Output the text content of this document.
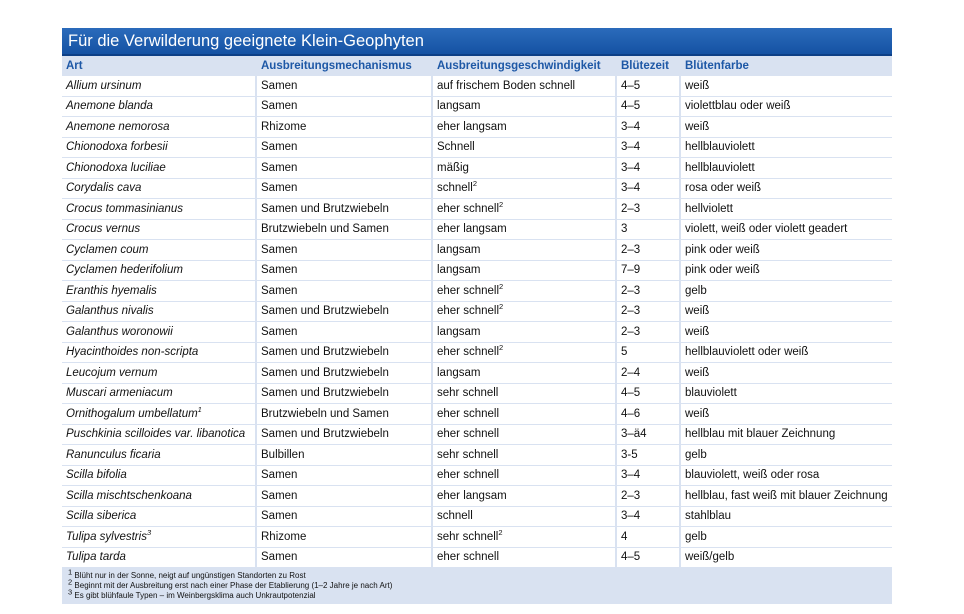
Für die Verwilderung geeignete Klein-Geophyten
Art	Ausbreitungsmechanismus	Ausbreitungsgeschwindigkeit	Blütezeit	Blütenfarbe
Allium ursinum	Samen	auf frischem Boden schnell	4–5	weiß
Anemone blanda	Samen	langsam	4–5	violettblau oder weiß
Anemone nemorosa	Rhizome	eher langsam	3–4	weiß
Chionodoxa forbesii	Samen	Schnell	3–4	hellblauviolett
Chionodoxa luciliae	Samen	mäßig	3–4	hellblauviolett
Corydalis cava	Samen	schnell$^2$	3–4	rosa oder weiß
Crocus tommasinianus	Samen und Brutzwiebeln	eher schnell$^2$	2–3	hellviolett
Crocus vernus	Brutzwiebeln und Samen	eher langsam	3	violett, weiß oder violett geadert
Cyclamen coum	Samen	langsam	2–3	pink oder weiß
Cyclamen hederifolium	Samen	langsam	7–9	pink oder weiß
Eranthis hyemalis	Samen	eher schnell$^2$	2–3	gelb
Galanthus nivalis	Samen und Brutzwiebeln	eher schnell$^2$	2–3	weiß
Galanthus woronowii	Samen	langsam	2–3	weiß
Hyacinthoides non-scripta	Samen und Brutzwiebeln	eher schnell$^2$	5	hellblauviolett oder weiß
Leucojum vernum	Samen und Brutzwiebeln	langsam	2–4	weiß
Muscari armeniacum	Samen und Brutzwiebeln	sehr schnell	4–5	blauviolett
Ornithogalum umbellatum$^1$	Brutzwiebeln und Samen	eher schnell	4–6	weiß
Puschkinia scilloides var. libanotica	Samen und Brutzwiebeln	eher schnell	3–ä4	hellblau mit blauer Zeichnung
Ranunculus ficaria	Bulbillen	sehr schnell	3-5	gelb
Scilla bifolia	Samen	eher schnell	3–4	blauviolett, weiß oder rosa
Scilla mischtschenkoana	Samen	eher langsam	2–3	hellblau, fast weiß mit blauer Zeichnung
Scilla siberica	Samen	schnell	3–4	stahlblau
Tulipa sylvestris$^3$	Rhizome	sehr schnell$^2$	4	gelb
Tulipa tarda	Samen	eher schnell	4–5	weiß/gelb
$^1$ Blüht nur in der Sonne, neigt auf ungünstigen Standorten zu Rost
$^2$ Beginnt mit der Ausbreitung erst nach einer Phase der Etablierung (1–2 Jahre je nach Art)
$^3$ Es gibt blühfaule Typen – im Weinbergsklima auch Unkrautpotenzial
